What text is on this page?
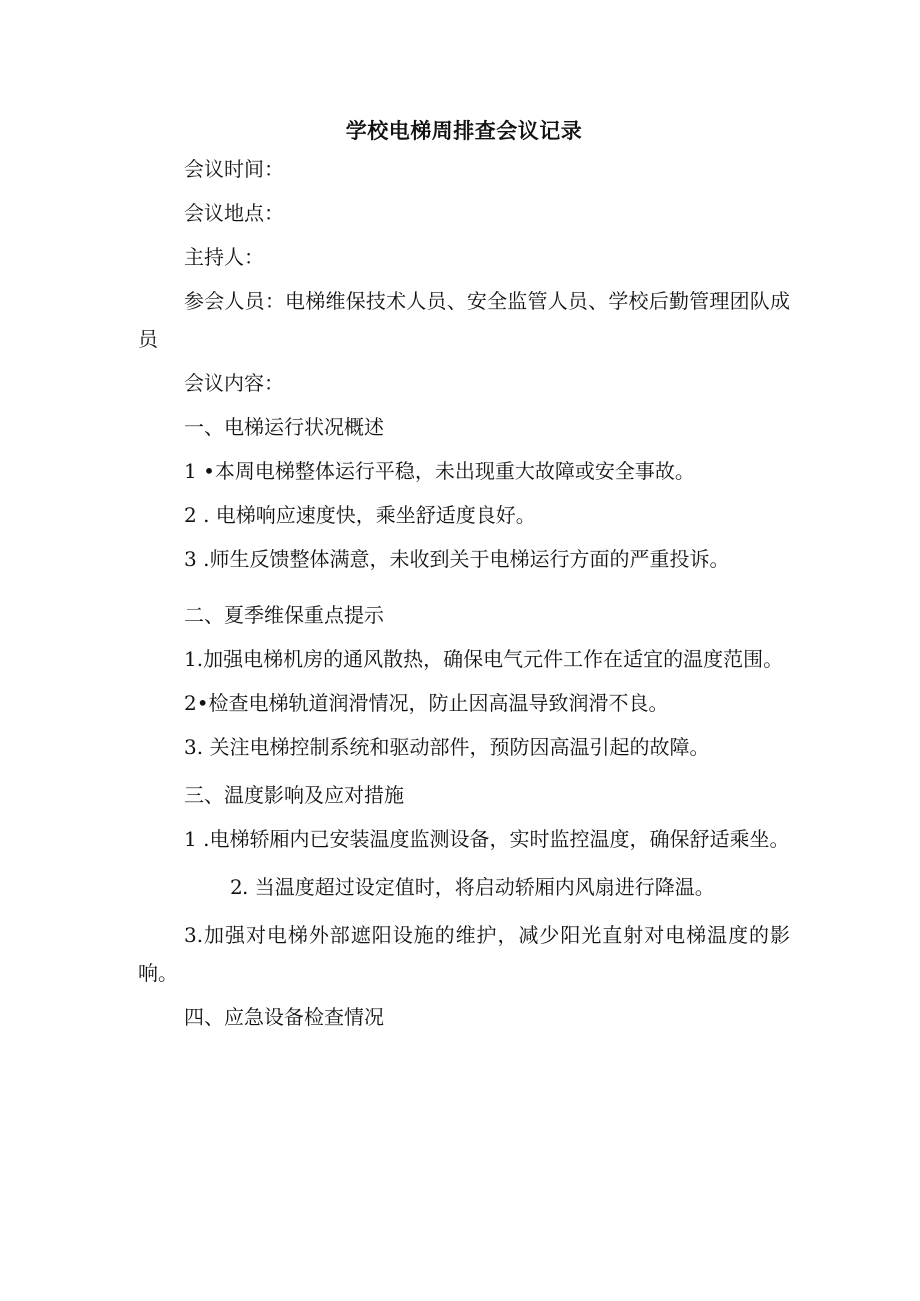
学校电梯周排查会议记录

会议时间：

会议地点：

主持人：

参会人员：电梯维保技术人员、安全监管人员、学校后勤管理团队成员

会议内容：

一、电梯运行状况概述

1 •本周电梯整体运行平稳，未出现重大故障或安全事故。

2 . 电梯响应速度快，乘坐舒适度良好。

3 .师生反馈整体满意，未收到关于电梯运行方面的严重投诉。

二、夏季维保重点提示

1.加强电梯机房的通风散热，确保电气元件工作在适宜的温度范围。

2•检查电梯轨道润滑情况，防止因高温导致润滑不良。

3. 关注电梯控制系统和驱动部件，预防因高温引起的故障。

三、温度影响及应对措施

1 .电梯轿厢内已安装温度监测设备，实时监控温度，确保舒适乘坐。

2. 当温度超过设定值时，将启动轿厢内风扇进行降温。

3.加强对电梯外部遮阳设施的维护，减少阳光直射对电梯温度的影响。

四、应急设备检查情况
